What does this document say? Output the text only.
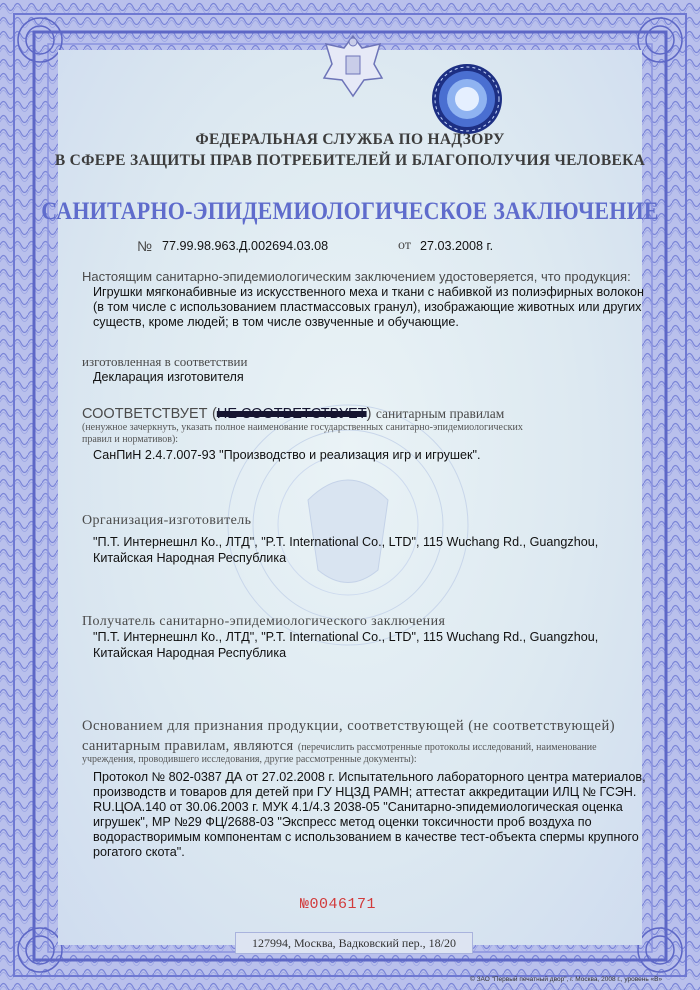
ФЕДЕРАЛЬНАЯ СЛУЖБА ПО НАДЗОРУ
В СФЕРЕ ЗАЩИТЫ ПРАВ ПОТРЕБИТЕЛЕЙ И БЛАГОПОЛУЧИЯ ЧЕЛОВЕКА
САНИТАРНО-ЭПИДЕМИОЛОГИЧЕСКОЕ ЗАКЛЮЧЕНИЕ
№ 77.99.98.963.Д.002694.03.08	от 27.03.2008 г.
Настоящим санитарно-эпидемиологическим заключением удостоверяется, что продукция:
Игрушки мягконабивные из искусственного меха и ткани с набивкой из полиэфирных волокон
(в том числе с использованием пластмассовых гранул), изображающие животных или других
существ, кроме людей; в том числе озвученные и обучающие.
изготовленная в соответствии
Декларация изготовителя
СООТВЕТСТВУЕТ (НЕ СООТВЕТСТВУЕТ) санитарным правилам
(ненужное зачеркнуть, указать полное наименование государственных санитарно-эпидемиологических
правил и нормативов):
СанПиН 2.4.7.007-93 "Производство и реализация игр и игрушек".
Организация-изготовитель
"П.Т. Интернешнл Ко., ЛТД", "P.T. International Co., LTD", 115 Wuchang Rd., Guangzhou,
Китайская Народная Республика
Получатель санитарно-эпидемиологического заключения
"П.Т. Интернешнл Ко., ЛТД", "P.T. International Co., LTD", 115 Wuchang Rd., Guangzhou,
Китайская Народная Республика
Основанием для признания продукции, соответствующей (не соответствующей)
санитарным правилам, являются (перечислить рассмотренные протоколы исследований, наименование
учреждения, проводившего исследования, другие рассмотренные документы):
Протокол № 802-0387 ДА от 27.02.2008 г. Испытательного лабораторного центра материалов,
производств и товаров для детей при ГУ НЦЗД РАМН; аттестат аккредитации ИЛЦ № ГСЭН.
RU.ЦОА.140 от 30.06.2003 г. МУК 4.1/4.3 2038-05 "Санитарно-эпидемиологическая оценка
игрушек", МР №29 ФЦ/2688-03 "Экспресс метод оценки токсичности проб воздуха по
водорастворимым компонентам с использованием в качестве тест-объекта спермы крупного
рогатого скота".
№0046171
127994, Москва, Вадковский пер., 18/20
© ЗАО "Первый печатный двор", г. Москва, 2008 г., уровень «В»
